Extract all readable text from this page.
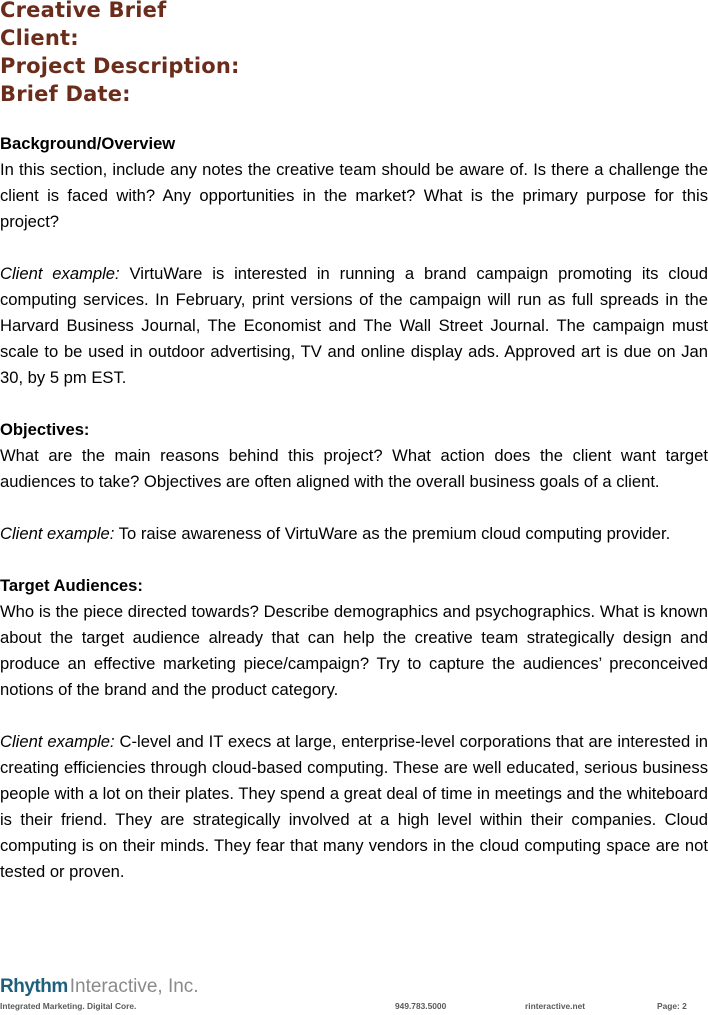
Creative Brief
Client:
Project Description:
Brief Date:
Background/Overview

In this section, include any notes the creative team should be aware of. Is there a challenge the client is faced with? Any opportunities in the market? What is the primary purpose for this project?

Client example: VirtuWare is interested in running a brand campaign promoting its cloud computing services. In February, print versions of the campaign will run as full spreads in the Harvard Business Journal, The Economist and The Wall Street Journal. The campaign must scale to be used in outdoor advertising, TV and online display ads. Approved art is due on Jan 30, by 5 pm EST.

Objectives:

What are the main reasons behind this project? What action does the client want target audiences to take? Objectives are often aligned with the overall business goals of a client.

Client example: To raise awareness of VirtuWare as the premium cloud computing provider.

Target Audiences:

Who is the piece directed towards? Describe demographics and psychographics. What is known about the target audience already that can help the creative team strategically design and produce an effective marketing piece/campaign? Try to capture the audiences’ preconceived notions of the brand and the product category.

Client example: C-level and IT execs at large, enterprise-level corporations that are interested in creating efficiencies through cloud-based computing. These are well educated, serious business people with a lot on their plates. They spend a great deal of time in meetings and the whiteboard is their friend. They are strategically involved at a high level within their companies. Cloud computing is on their minds. They fear that many vendors in the cloud computing space are not tested or proven.

Rhythm Interactive, Inc.
Integrated Marketing. Digital Core.	949.783.5000	rinteractive.net	Page: 2
